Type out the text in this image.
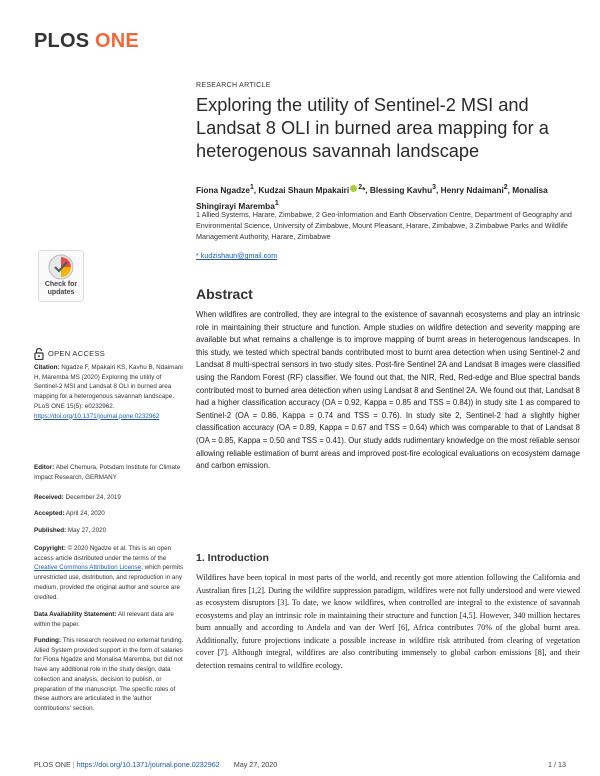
PLOS ONE
RESEARCH ARTICLE
Exploring the utility of Sentinel-2 MSI and Landsat 8 OLI in burned area mapping for a heterogenous savannah landscape
Fiona Ngadze$^1$, Kudzai Shaun Mpakairi $^2$*, Blessing Kavhu$^3$, Henry Ndaimani$^2$, Monalisa Shingirayi Maremba$^1$
1 Allied Systems, Harare, Zimbabwe, 2 Geo-information and Earth Observation Centre, Department of Geography and Environmental Science, University of Zimbabwe, Mount Pleasant, Harare, Zimbabwe, 3 Zimbabwe Parks and Wildlife Management Authority, Harare, Zimbabwe
* kudzishaun@gmail.com
Check for
updates
OPEN ACCESS
Citation: Ngadze F, Mpakairi KS, Kavhu B, Ndaimani H, Maremba MS (2020) Exploring the utility of Sentinel-2 MSI and Landsat 8 OLI in burned area mapping for a heterogenous savannah landscape. PLoS ONE 15(5): e0232962. https://doi.org/10.1371/journal.pone.0232962
Editor: Abel Chemura, Potsdam Institute for Climate Impact Research, GERMANY
Received: December 24, 2019
Accepted: April 24, 2020
Published: May 27, 2020
Copyright: © 2020 Ngadze et al. This is an open access article distributed under the terms of the Creative Commons Attribution License, which permits unrestricted use, distribution, and reproduction in any medium, provided the original author and source are credited.
Data Availability Statement: All relevant data are within the paper.
Funding: This research received no external funding. Allied System provided support in the form of salaries for Fiona Ngadze and Monalisa Maremba, but did not have any additional role in the study design, data collection and analysis, decision to publish, or preparation of the manuscript. The specific roles of these authors are articulated in the 'author contributions' section.
Abstract

When wildfires are controlled, they are integral to the existence of savannah ecosystems and play an intrinsic role in maintaining their structure and function. Ample studies on wildfire detection and severity mapping are available but what remains a challenge is to improve mapping of burnt areas in heterogenous landscapes. In this study, we tested which spectral bands contributed most to burnt area detection when using Sentinel-2 and Landsat 8 multi-spectral sensors in two study sites. Post-fire Sentinel 2A and Landsat 8 images were classified using the Random Forest (RF) classifier. We found out that, the NIR, Red, Red-edge and Blue spectral bands contributed most to burned area detection when using Landsat 8 and Sentinel 2A. We found out that, Landsat 8 had a higher classification accuracy (OA = 0.92, Kappa = 0.85 and TSS = 0.84)) in study site 1 as compared to Sentinel-2 (OA = 0.86, Kappa = 0.74 and TSS = 0.76). In study site 2, Sentinel-2 had a slightly higher classification accuracy (OA = 0.89, Kappa = 0.67 and TSS = 0.64) which was comparable to that of Landsat 8 (OA = 0.85, Kappa = 0.50 and TSS = 0.41). Our study adds rudimentary knowledge on the most reliable sensor allowing reliable estimation of burnt areas and improved post-fire ecological evaluations on ecosystem damage and carbon emission.

1. Introduction

Wildfires have been topical in most parts of the world, and recently got more attention following the California and Australian fires [1,2]. During the wildfire suppression paradigm, wildfires were not fully understood and were viewed as ecosystem disruptors [3]. To date, we know wildfires, when controlled are integral to the existence of savannah ecosystems and play an intrinsic role in maintaining their structure and function [4,5]. However, 340 million hectares burn annually and according to Andela and van der Werf [6], Africa contributes 70% of the global burnt area. Additionally, future projections indicate a possible increase in wildfire risk attributed from clearing of vegetation cover [7]. Although integral, wildfires are also contributing immensely to global carbon emissions [8], and their detection remains central to wildfire ecology.

PLOS ONE | https://doi.org/10.1371/journal.pone.0232962 May 27, 2020	1 / 13
